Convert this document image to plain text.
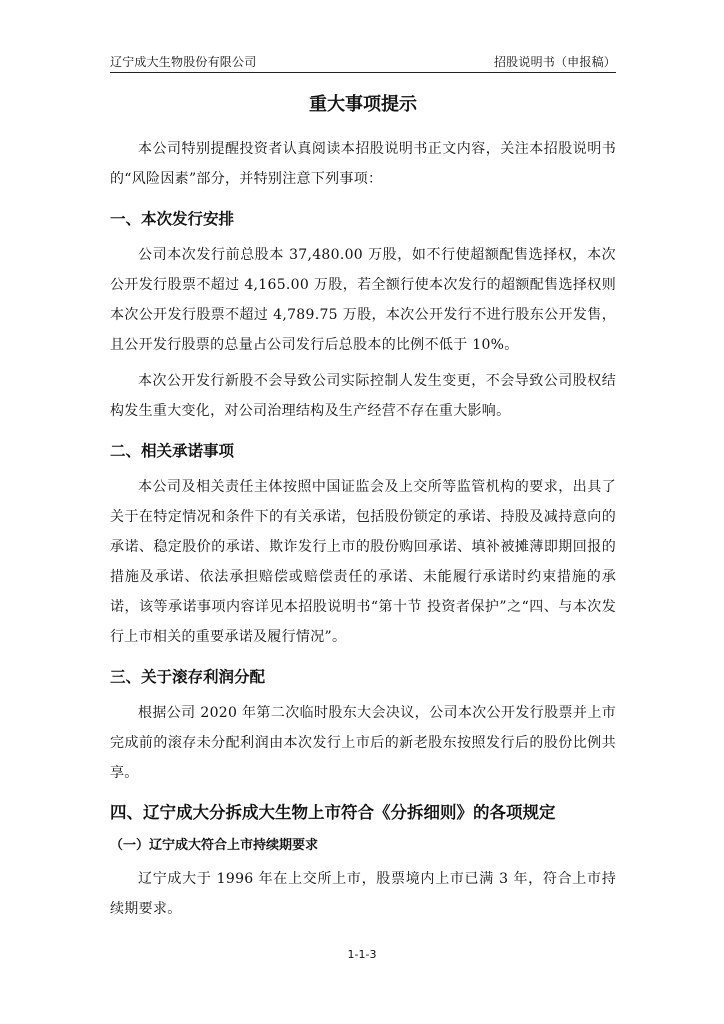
辽宁成大生物股份有限公司	招股说明书（申报稿）
重大事项提示

本公司特别提醒投资者认真阅读本招股说明书正文内容，关注本招股说明书的“风险因素”部分，并特别注意下列事项：

一、本次发行安排

公司本次发行前总股本 37,480.00 万股，如不行使超额配售选择权，本次公开发行股票不超过 4,165.00 万股，若全额行使本次发行的超额配售选择权则本次公开发行股票不超过 4,789.75 万股，本次公开发行不进行股东公开发售，且公开发行股票的总量占公司发行后总股本的比例不低于 10%。

本次公开发行新股不会导致公司实际控制人发生变更，不会导致公司股权结构发生重大变化，对公司治理结构及生产经营不存在重大影响。

二、相关承诺事项

本公司及相关责任主体按照中国证监会及上交所等监管机构的要求，出具了关于在特定情况和条件下的有关承诺，包括股份锁定的承诺、持股及减持意向的承诺、稳定股价的承诺、欺诈发行上市的股份购回承诺、填补被摊薄即期回报的措施及承诺、依法承担赔偿或赔偿责任的承诺、未能履行承诺时约束措施的承诺，该等承诺事项内容详见本招股说明书“第十节 投资者保护”之“四、与本次发行上市相关的重要承诺及履行情况”。

三、关于滚存利润分配

根据公司 2020 年第二次临时股东大会决议，公司本次公开发行股票并上市完成前的滚存未分配利润由本次发行上市后的新老股东按照发行后的股份比例共享。

四、辽宁成大分拆成大生物上市符合《分拆细则》的各项规定
（一）辽宁成大符合上市持续期要求

辽宁成大于 1996 年在上交所上市，股票境内上市已满 3 年，符合上市持续期要求。

1-1-3
